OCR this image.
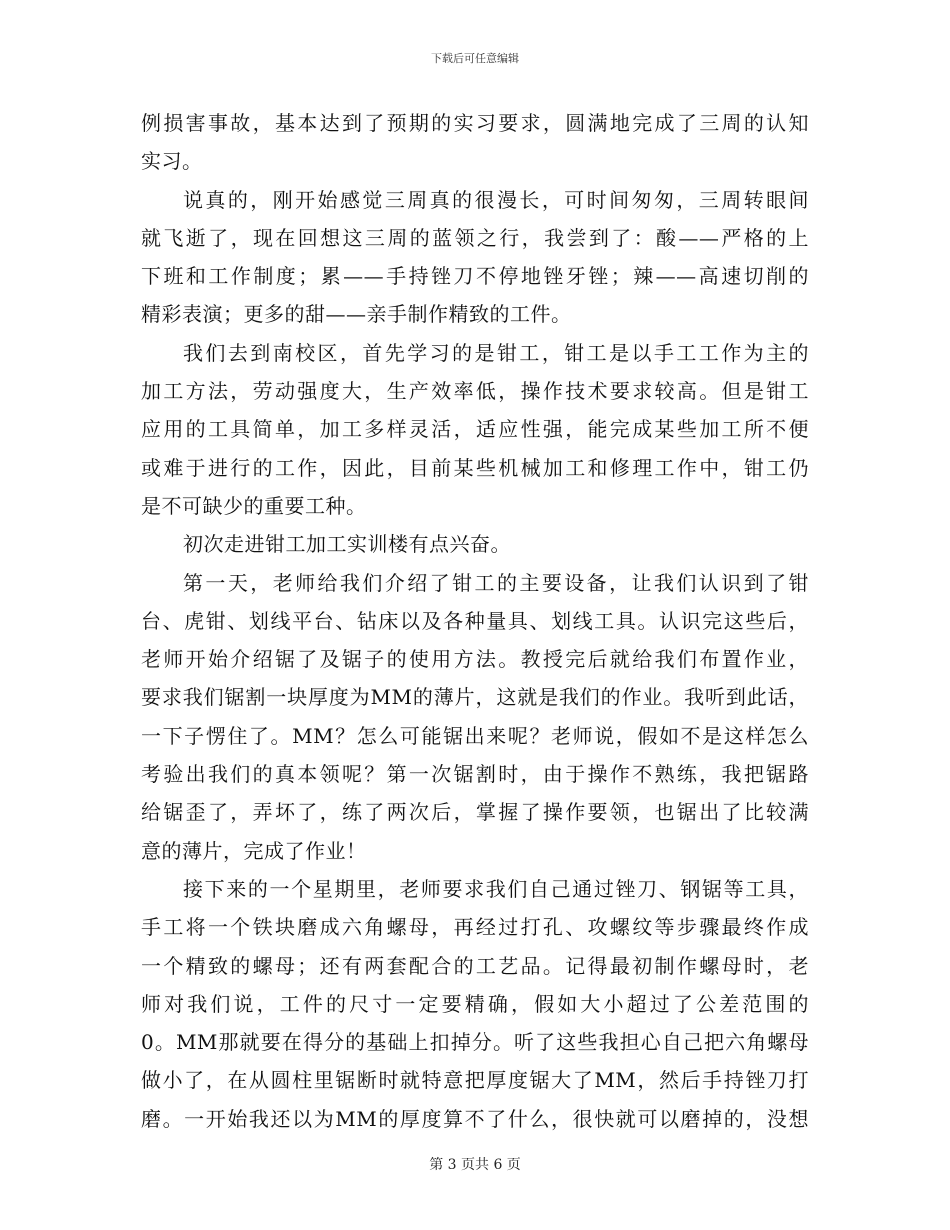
下载后可任意编辑
例损害事故，基本达到了预期的实习要求，圆满地完成了三周的认知
实习。
说真的，刚开始感觉三周真的很漫长，可时间匆匆，三周转眼间
就飞逝了，现在回想这三周的蓝领之行，我尝到了：酸——严格的上
下班和工作制度；累——手持锉刀不停地锉牙锉；辣——高速切削的
精彩表演；更多的甜——亲手制作精致的工件。
我们去到南校区，首先学习的是钳工，钳工是以手工工作为主的
加工方法，劳动强度大，生产效率低，操作技术要求较高。但是钳工
应用的工具简单，加工多样灵活，适应性强，能完成某些加工所不便
或难于进行的工作，因此，目前某些机械加工和修理工作中，钳工仍
是不可缺少的重要工种。
初次走进钳工加工实训楼有点兴奋。
第一天，老师给我们介绍了钳工的主要设备，让我们认识到了钳
台、虎钳、划线平台、钻床以及各种量具、划线工具。认识完这些后，
老师开始介绍锯了及锯子的使用方法。教授完后就给我们布置作业，
要求我们锯割一块厚度为MM的薄片，这就是我们的作业。我听到此话，
一下子愣住了。MM？怎么可能锯出来呢？老师说，假如不是这样怎么
考验出我们的真本领呢？第一次锯割时，由于操作不熟练，我把锯路
给锯歪了，弄坏了，练了两次后，掌握了操作要领，也锯出了比较满
意的薄片，完成了作业！
接下来的一个星期里，老师要求我们自己通过锉刀、钢锯等工具，
手工将一个铁块磨成六角螺母，再经过打孔、攻螺纹等步骤最终作成
一个精致的螺母；还有两套配合的工艺品。记得最初制作螺母时，老
师对我们说，工件的尺寸一定要精确，假如大小超过了公差范围的
0。MM那就要在得分的基础上扣掉分。听了这些我担心自己把六角螺母
做小了，在从圆柱里锯断时就特意把厚度锯大了MM，然后手持锉刀打
磨。一开始我还以为MM的厚度算不了什么，很快就可以磨掉的，没想
第 3 页共 6 页
